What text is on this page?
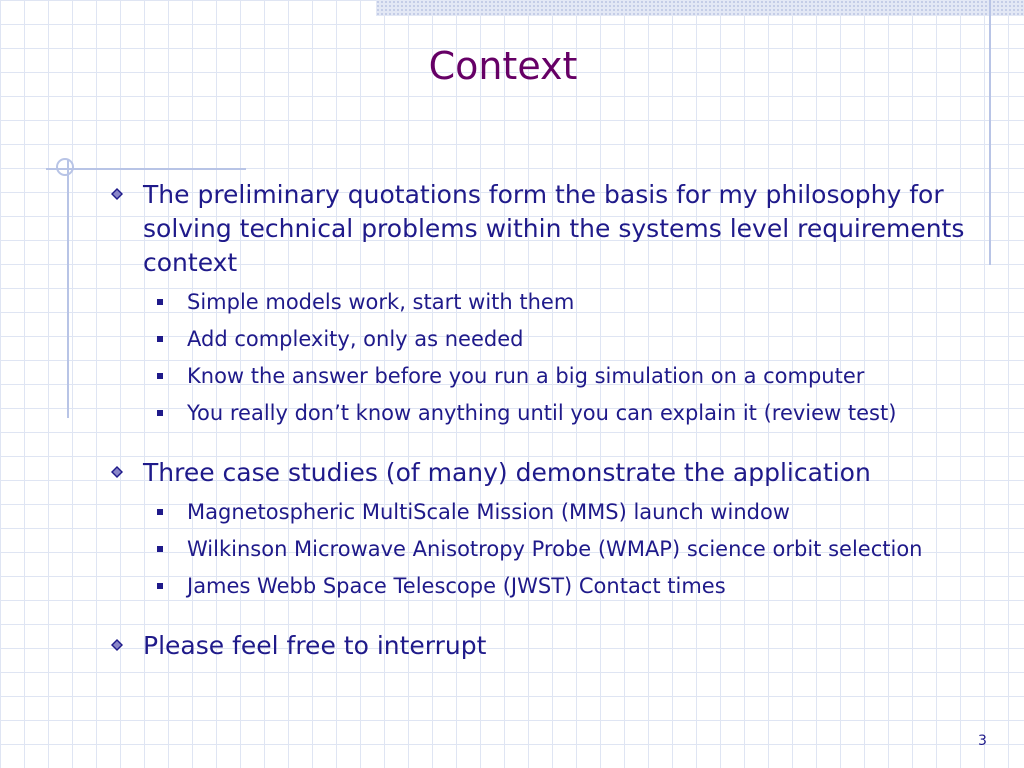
Context
The preliminary quotations form the basis for my philosophy for solving technical problems within the systems level requirements context
Simple models work, start with them
Add complexity, only as needed
Know the answer before you run a big simulation on a computer
You really don’t know anything until you can explain it (review test)
Three case studies (of many) demonstrate the application
Magnetospheric MultiScale Mission (MMS) launch window
Wilkinson Microwave Anisotropy Probe (WMAP) science orbit selection
James Webb Space Telescope (JWST) Contact times
Please feel free to interrupt
3
